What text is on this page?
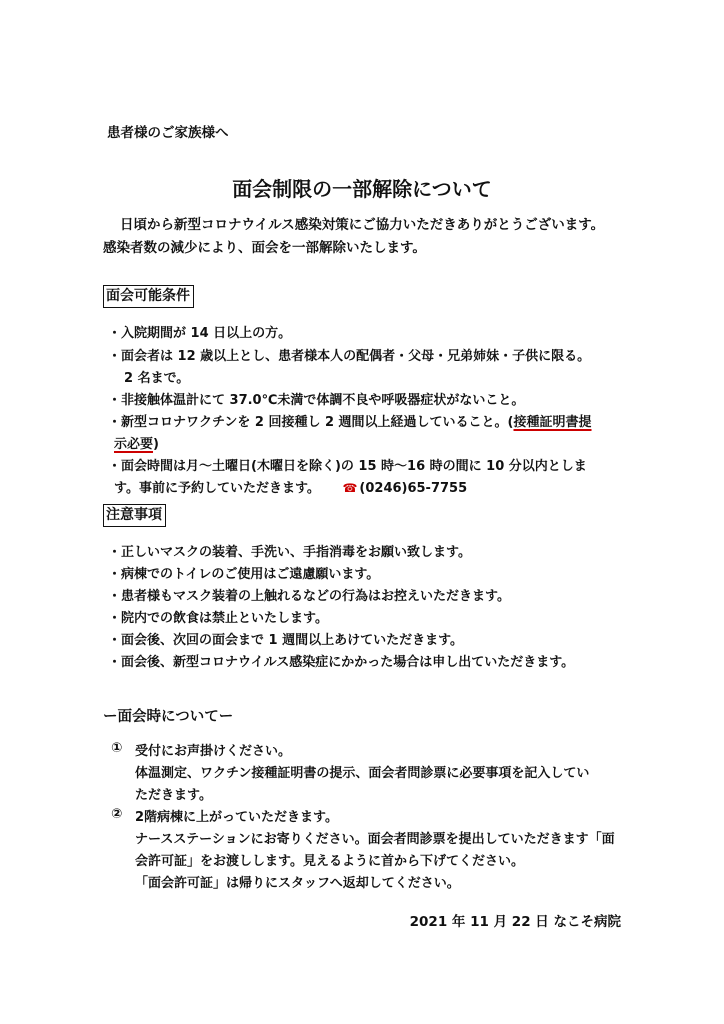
患者様のご家族様へ
面会制限の一部解除について
日頃から新型コロナウイルス感染対策にご協力いただきありがとうございます。
感染者数の減少により、面会を一部解除いたします。
面会可能条件
・入院期間が 14 日以上の方。
・面会者は 12 歳以上とし、患者様本人の配偶者・父母・兄弟姉妹・子供に限る。
2 名まで。
・非接触体温計にて 37.0℃未満で体調不良や呼吸器症状がないこと。
・新型コロナワクチンを 2 回接種し 2 週間以上経過していること。(接種証明書提
示必要)
・面会時間は月～土曜日(木曜日を除く)の 15 時～16 時の間に 10 分以内としま
す。事前に予約していただきます。 ☎ (0246)65-7755
注意事項
・正しいマスクの装着、手洗い、手指消毒をお願い致します。
・病棟でのトイレのご使用はご遠慮願います。
・患者様もマスク装着の上触れるなどの行為はお控えいただきます。
・院内での飲食は禁止といたします。
・面会後、次回の面会まで 1 週間以上あけていただきます。
・面会後、新型コロナウイルス感染症にかかった場合は申し出ていただきます。
ー面会時についてー
① 受付にお声掛けください。
体温測定、ワクチン接種証明書の提示、面会者問診票に必要事項を記入してい
ただきます。
② 2階病棟に上がっていただきます。
ナースステーションにお寄りください。面会者問診票を提出していただきます「面
会許可証」をお渡しします。見えるように首から下げてください。
「面会許可証」は帰りにスタッフへ返却してください。
2021 年 11 月 22 日 なこそ病院
